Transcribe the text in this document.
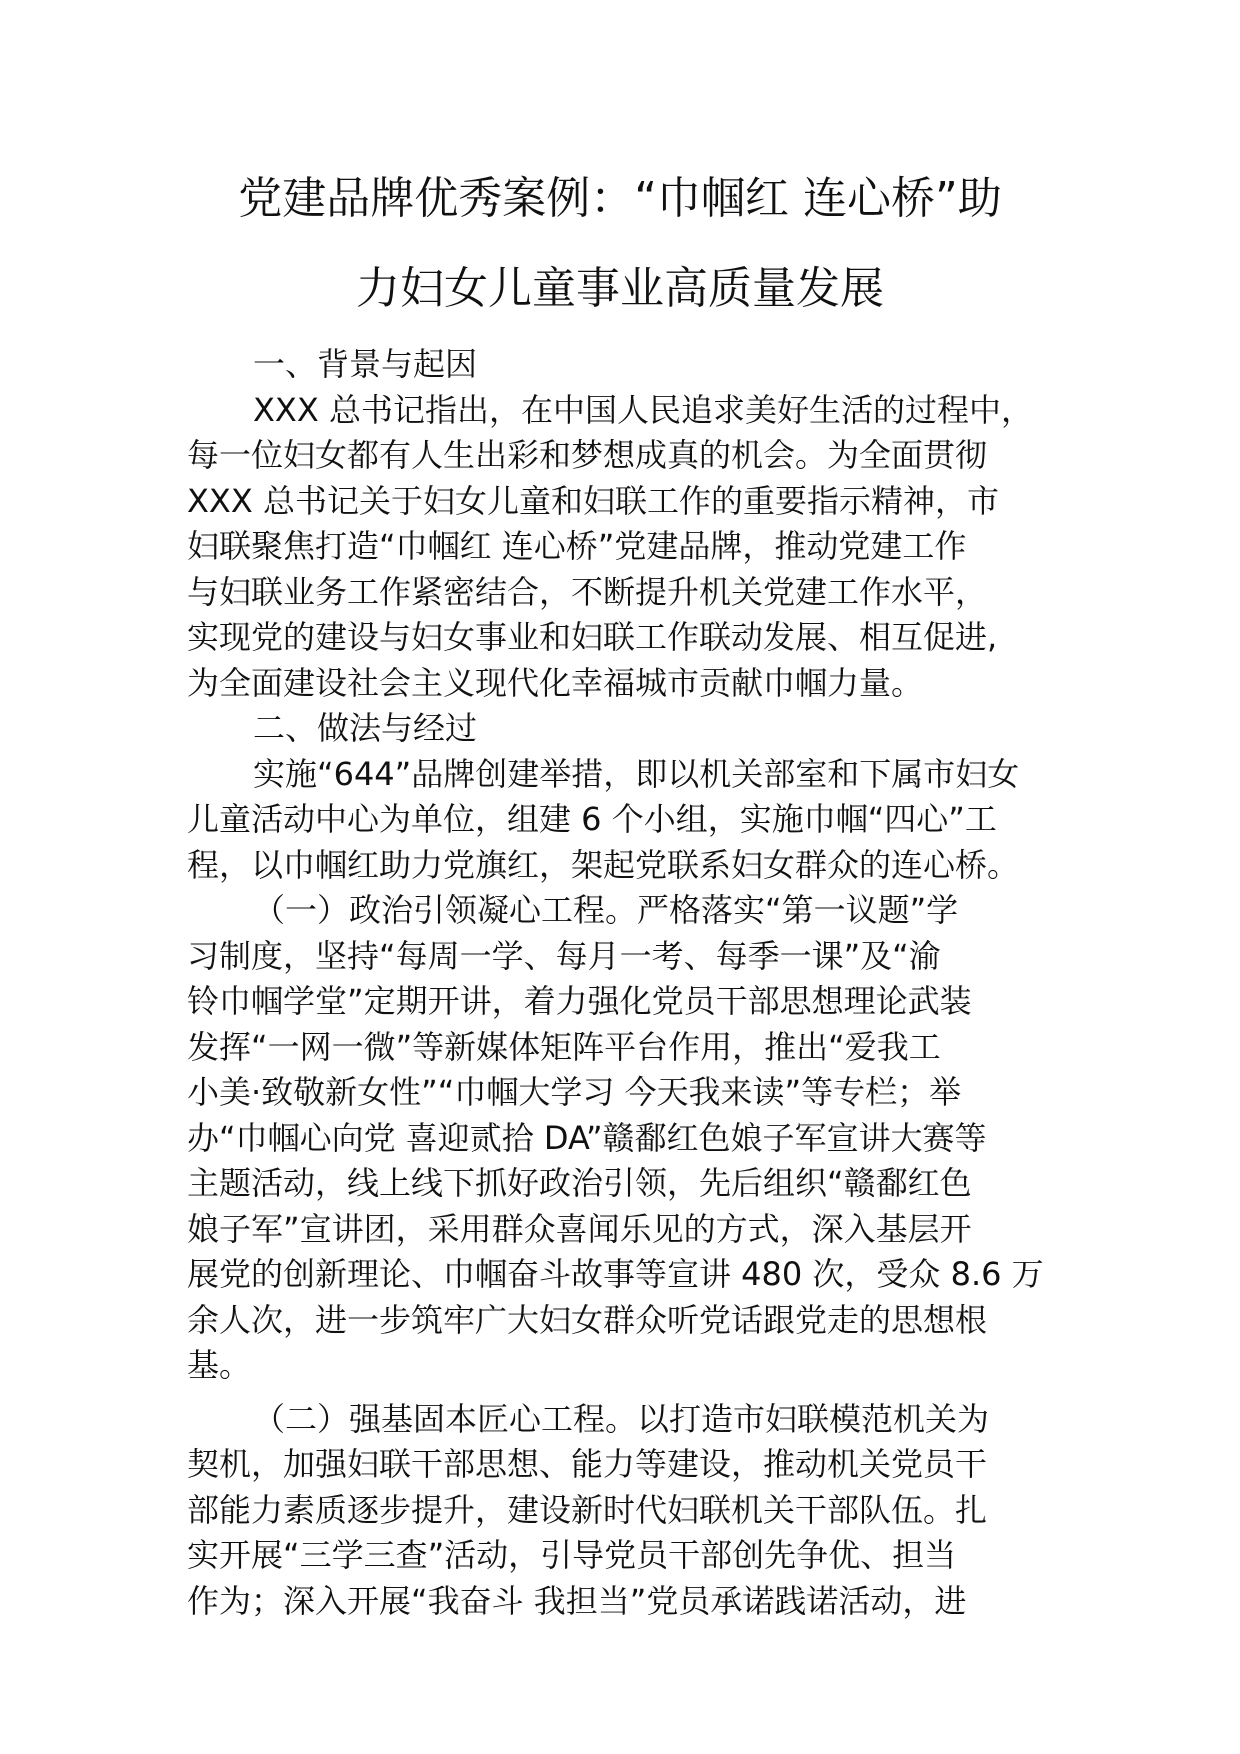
党建品牌优秀案例：“巾帼红 连心桥”助
力妇女儿童事业高质量发展
一、背景与起因
XXX 总书记指出，在中国人民追求美好生活的过程中，
每一位妇女都有人生出彩和梦想成真的机会。为全面贯彻
XXX 总书记关于妇女儿童和妇联工作的重要指示精神，市
妇联聚焦打造“巾帼红 连心桥”党建品牌，推动党建工作
与妇联业务工作紧密结合，不断提升机关党建工作水平，
实现党的建设与妇女事业和妇联工作联动发展、相互促进,
为全面建设社会主义现代化幸福城市贡献巾帼力量。
二、做法与经过
实施“644”品牌创建举措，即以机关部室和下属市妇女
儿童活动中心为单位，组建 6 个小组，实施巾帼“四心”工
程，以巾帼红助力党旗红，架起党联系妇女群众的连心桥。
（一）政治引领凝心工程。严格落实“第一议题”学
习制度，坚持“每周一学、每月一考、每季一课”及“渝
铃巾帼学堂”定期开讲，着力强化党员干部思想理论武装
发挥“一网一微”等新媒体矩阵平台作用，推出“爱我工
小美·致敬新女性”“巾帼大学习 今天我来读”等专栏；举
办“巾帼心向党 喜迎贰拾 DA”赣鄱红色娘子军宣讲大赛等
主题活动，线上线下抓好政治引领，先后组织“赣鄱红色
娘子军”宣讲团，采用群众喜闻乐见的方式，深入基层开
展党的创新理论、巾帼奋斗故事等宣讲 480 次，受众 8.6 万
余人次，进一步筑牢广大妇女群众听党话跟党走的思想根
基。
（二）强基固本匠心工程。以打造市妇联模范机关为
契机，加强妇联干部思想、能力等建设，推动机关党员干
部能力素质逐步提升，建设新时代妇联机关干部队伍。扎
实开展“三学三查”活动，引导党员干部创先争优、担当
作为；深入开展“我奋斗 我担当”党员承诺践诺活动，进
